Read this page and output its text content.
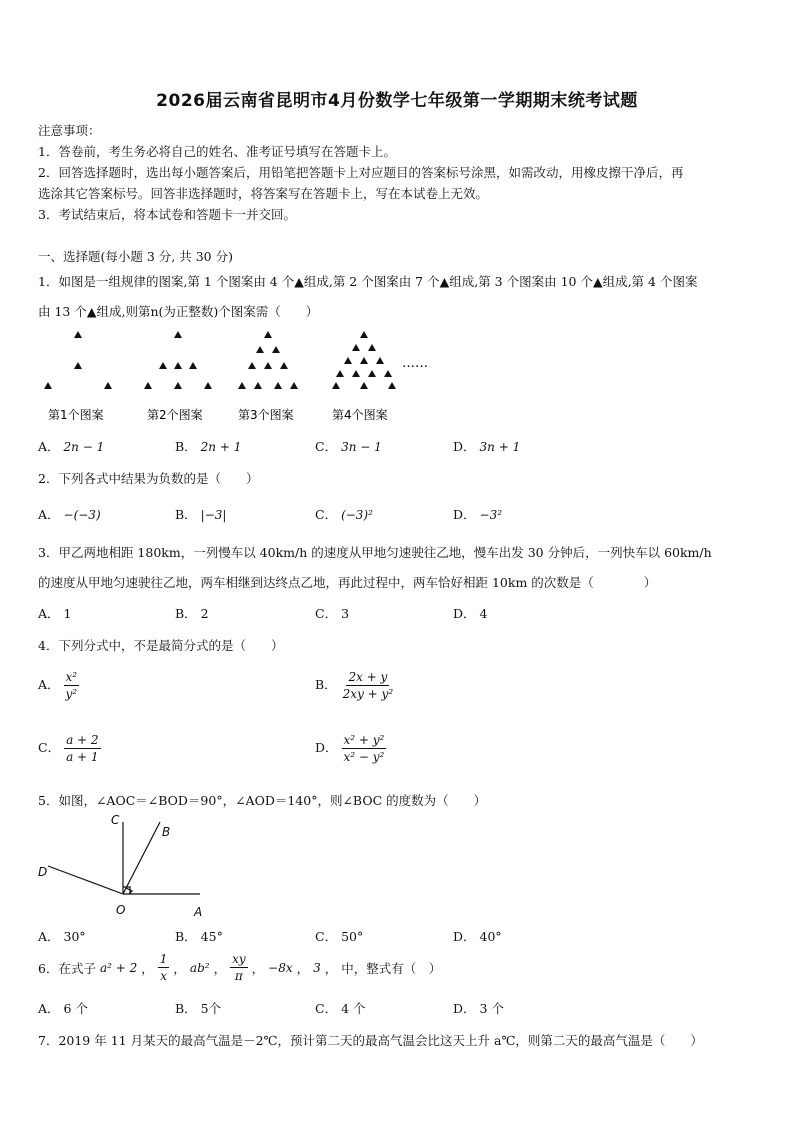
2026届云南省昆明市4月份数学七年级第一学期期末统考试题
注意事项：
1．答卷前，考生务必将自己的姓名、准考证号填写在答题卡上。
2．回答选择题时，选出每小题答案后，用铅笔把答题卡上对应题目的答案标号涂黑，如需改动，用橡皮擦干净后，再
选涂其它答案标号。回答非选择题时，将答案写在答题卡上，写在本试卷上无效。
3．考试结束后，将本试卷和答题卡一并交回。
一、选择题(每小题 3 分, 共 30 分)
1．如图是一组规律的图案,第 1 个图案由 4 个▲组成,第 2 个图案由 7 个▲组成,第 3 个图案由 10 个▲组成,第 4 个图案
由 13 个▲组成,则第n(为正整数)个图案需（　　）
……
第1个图案	第2个图案	第3个图案	第4个图案
A． 2n − 1	B． 2n + 1	C． 3n − 1	D． 3n + 1
2．下列各式中结果为负数的是（　　）
A． −(−3)	B． |−3|	C． (−3)²	D． −3²
3．甲乙两地相距 180km，一列慢车以 40km/h 的速度从甲地匀速驶往乙地，慢车出发 30 分钟后，一列快车以 60km/h
的速度从甲地匀速驶往乙地，两车相继到达终点乙地，再此过程中，两车恰好相距 10km 的次数是（　　　　）
A． 1	B． 2	C． 3	D． 4
4．下列分式中，不是最简分式的是（　　）
A． $\frac{\text{x²}}{\text{y²}}$	B． $\frac{2x + y}{\text{2xy + y²}}$
C． $\frac{a + 2}{a + 1}$	D． $\frac{\text{x² + y²}}{\text{x² − y²}}$
5．如图，∠AOC＝∠BOD＝90°，∠AOD＝140°，则∠BOC 的度数为（　　）
C
B
D
O	A
A． 30°	B． 45°	C． 50°	D． 40°
6．在式子 a² + 2 ， $\frac{1}{x}$ ， ab² ， $\frac{xy}{\pi}$ ， −8x ， 3 ， 中，整式有（　）
A． 6 个	B． 5个	C． 4 个	D． 3 个
7．2019 年 11 月某天的最高气温是－2℃，预计第二天的最高气温会比这天上升 a℃，则第二天的最高气温是（　　）
